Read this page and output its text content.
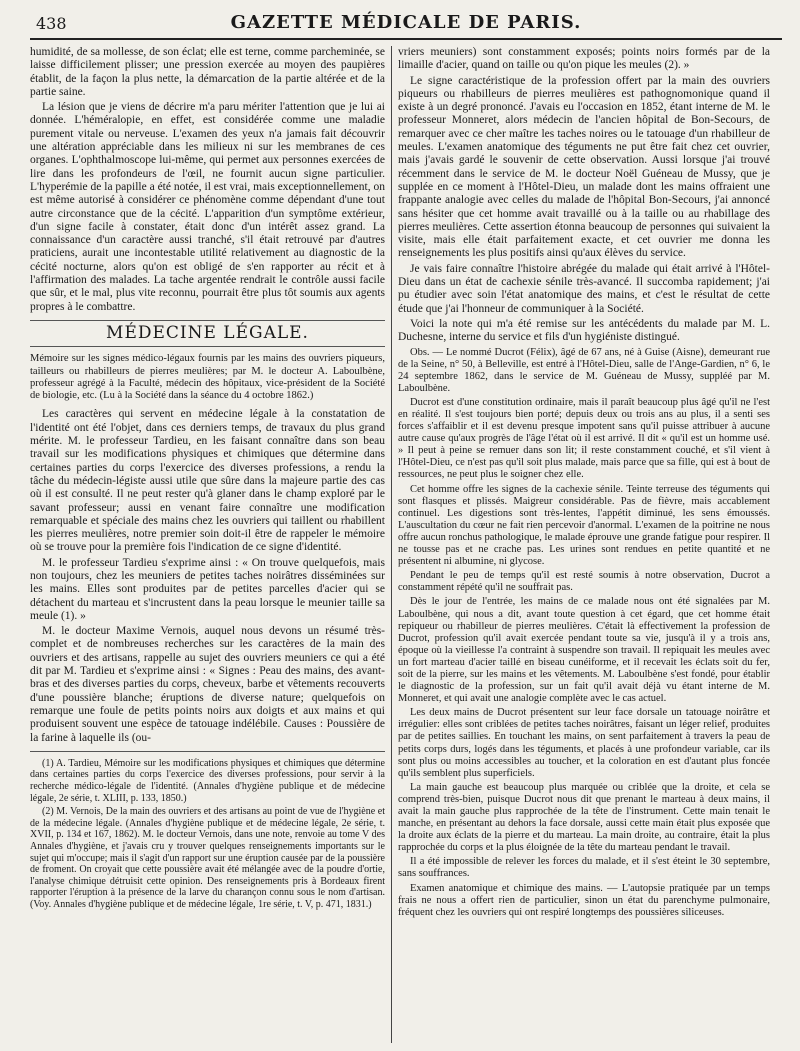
438	GAZETTE MÉDICALE DE PARIS.

humidité, de sa mollesse, de son éclat; elle est terne, comme parcheminée, se laisse difficilement plisser; une pression exercée au moyen des paupières établit, de la façon la plus nette, la démarcation de la partie altérée et de la partie saine.

La lésion que je viens de décrire m'a paru mériter l'attention que je lui ai donnée. L'héméralopie, en effet, est considérée comme une maladie purement vitale ou nerveuse. L'examen des yeux n'a jamais fait découvrir une altération appréciable dans les milieux ni sur les membranes de ces organes. L'ophthalmoscope lui-même, qui permet aux personnes exercées de lire dans les profondeurs de l'œil, ne fournit aucun signe particulier. L'hyperémie de la papille a été notée, il est vrai, mais exceptionnellement, on est même autorisé à considérer ce phénomène comme dépendant d'une tout autre circonstance que de la cécité. L'apparition d'un symptôme extérieur, d'un signe facile à constater, était donc d'un intérêt assez grand. La connaissance d'un caractère aussi tranché, s'il était retrouvé par d'autres praticiens, aurait une incontestable utilité relativement au diagnostic de la cécité nocturne, alors qu'on est obligé de s'en rapporter au récit et à l'affirmation des malades. La tache argentée rendrait le contrôle aussi facile que sûr, et le mal, plus vite reconnu, pourrait être plus tôt soumis aux agents propres à le combattre.

MÉDECINE LÉGALE.

Mémoire sur les signes médico-légaux fournis par les mains des ouvriers piqueurs, tailleurs ou rhabilleurs de pierres meulières; par M. le docteur A. Laboulbène, professeur agrégé à la Faculté, médecin des hôpitaux, vice-président de la Société de biologie, etc. (Lu à la Société dans la séance du 4 octobre 1862.)

Les caractères qui servent en médecine légale à la constatation de l'identité ont été l'objet, dans ces derniers temps, de travaux du plus grand mérite. M. le professeur Tardieu, en les faisant connaître dans son beau travail sur les modifications physiques et chimiques que détermine dans certaines parties du corps l'exercice des diverses professions, a rendu la tâche du médecin-légiste aussi utile que sûre dans la majeure partie des cas où il est consulté. Il ne peut rester qu'à glaner dans le champ exploré par le savant professeur; aussi en venant faire connaître une modification remarquable et spéciale des mains chez les ouvriers qui taillent ou rhabillent les pierres meulières, notre premier soin doit-il être de rappeler le mémoire où se trouve pour la première fois l'indication de ce signe d'identité.

M. le professeur Tardieu s'exprime ainsi : « On trouve quelquefois, mais non toujours, chez les meuniers de petites taches noirâtres disséminées sur les mains. Elles sont produites par de petites parcelles d'acier qui se détachent du marteau et s'incrustent dans la peau lorsque le meunier taille sa meule (1). »

M. le docteur Maxime Vernois, auquel nous devons un résumé très-complet et de nombreuses recherches sur les caractères de la main des ouvriers et des artisans, rappelle au sujet des ouvriers meuniers ce qui a été dit par M. Tardieu et s'exprime ainsi : « Signes : Peau des mains, des avant-bras et des diverses parties du corps, cheveux, barbe et vêtements recouverts d'une poussière blanche; éruptions de diverse nature; quelquefois on remarque une foule de petits points noirs aux doigts et aux mains et qui produisent souvent une espèce de tatouage indélébile. Causes : Poussière de la farine à laquelle ils (ou-

(1) A. Tardieu, Mémoire sur les modifications physiques et chimiques que détermine dans certaines parties du corps l'exercice des diverses professions, pour servir à la recherche médico-légale de l'identité. (Annales d'hygiène publique et de médecine légale, 2e série, t. XLIII, p. 133, 1850.)

(2) M. Vernois, De la main des ouvriers et des artisans au point de vue de l'hygiène et de la médecine légale. (Annales d'hygiène publique et de médecine légale, 2e série, t. XVII, p. 134 et 167, 1862). M. le docteur Vernois, dans une note, renvoie au tome V des Annales d'hygiène, et j'avais cru y trouver quelques renseignements importants sur le sujet qui m'occupe; mais il s'agit d'un rapport sur une éruption causée par de la poussière de froment. On croyait que cette poussière avait été mélangée avec de la poudre d'ortie, l'analyse chimique détruisit cette opinion. Des renseignements pris à Bordeaux firent rapporter l'éruption à la présence de la larve du charançon connu sous le nom d'artisan. (Voy. Annales d'hygiène publique et de médecine légale, 1re série, t. V, p. 471, 1831.)

vriers meuniers) sont constamment exposés; points noirs formés par de la limaille d'acier, quand on taille ou qu'on pique les meules (2). »

Le signe caractéristique de la profession offert par la main des ouvriers piqueurs ou rhabilleurs de pierres meulières est pathognomonique quand il existe à un degré prononcé. J'avais eu l'occasion en 1852, étant interne de M. le professeur Monneret, alors médecin de l'ancien hôpital de Bon-Secours, de remarquer avec ce cher maître les taches noires ou le tatouage d'un rhabilleur de meules. L'examen anatomique des téguments ne put être fait chez cet ouvrier, mais j'avais gardé le souvenir de cette observation. Aussi lorsque j'ai trouvé récemment dans le service de M. le docteur Noël Guéneau de Mussy, que je supplée en ce moment à l'Hôtel-Dieu, un malade dont les mains offraient une frappante analogie avec celles du malade de l'hôpital Bon-Secours, j'ai annoncé sans hésiter que cet homme avait travaillé ou à la taille ou au rhabillage des pierres meulières. Cette assertion étonna beaucoup de personnes qui suivaient la visite, mais elle était parfaitement exacte, et cet ouvrier me donna les renseignements les plus positifs ainsi qu'aux élèves du service.

Je vais faire connaître l'histoire abrégée du malade qui était arrivé à l'Hôtel-Dieu dans un état de cachexie sénile très-avancé. Il succomba rapidement; j'ai pu étudier avec soin l'état anatomique des mains, et c'est le résultat de cette étude que j'ai l'honneur de communiquer à la Société.

Voici la note qui m'a été remise sur les antécédents du malade par M. L. Duchesne, interne du service et fils d'un hygiéniste distingué.

Obs. — Le nommé Ducrot (Félix), âgé de 67 ans, né à Guise (Aisne), demeurant rue de la Seine, n° 50, à Belleville, est entré à l'Hôtel-Dieu, salle de l'Ange-Gardien, n° 6, le 24 septembre 1862, dans le service de M. Guéneau de Mussy, suppléé par M. Laboulbène.

Ducrot est d'une constitution ordinaire, mais il paraît beaucoup plus âgé qu'il ne l'est en réalité. Il s'est toujours bien porté; depuis deux ou trois ans au plus, il a senti ses forces s'affaiblir et il est devenu presque impotent sans qu'il puisse attribuer à aucune autre cause qu'aux progrès de l'âge l'état où il est arrivé. Il dit « qu'il est un homme usé. » Il peut à peine se remuer dans son lit; il reste constamment couché, et s'il vient à l'Hôtel-Dieu, ce n'est pas qu'il soit plus malade, mais parce que sa fille, qui est à bout de ressources, ne peut plus le soigner chez elle.

Cet homme offre les signes de la cachexie sénile. Teinte terreuse des téguments qui sont flasques et plissés. Maigreur considérable. Pas de fièvre, mais accablement continuel. Les digestions sont très-lentes, l'appétit diminué, les sens émoussés. L'auscultation du cœur ne fait rien percevoir d'anormal. L'examen de la poitrine ne nous offre aucun ronchus pathologique, le malade éprouve une grande fatigue pour respirer. Il ne tousse pas et ne crache pas. Les urines sont rendues en petite quantité et ne présentent ni albumine, ni glycose.

Pendant le peu de temps qu'il est resté soumis à notre observation, Ducrot a constamment répété qu'il ne souffrait pas.

Dès le jour de l'entrée, les mains de ce malade nous ont été signalées par M. Laboulbène, qui nous a dit, avant toute question à cet égard, que cet homme était repiqueur ou rhabilleur de pierres meulières. C'était là effectivement la profession de Ducrot, profession qu'il avait exercée pendant toute sa vie, jusqu'à il y a trois ans, époque où la vieillesse l'a contraint à suspendre son travail. Il repiquait les meules avec un fort marteau d'acier taillé en biseau cunéiforme, et il recevait les éclats soit du fer, soit de la pierre, sur les mains et les vêtements. M. Laboulbène s'est fondé, pour établir le diagnostic de la profession, sur un fait qu'il avait déjà vu étant interne de M. Monneret, et qui avait une analogie complète avec le cas actuel.

Les deux mains de Ducrot présentent sur leur face dorsale un tatouage noirâtre et irrégulier: elles sont criblées de petites taches noirâtres, faisant un léger relief, produites par de petites saillies. En touchant les mains, on sent parfaitement à travers la peau de petits corps durs, logés dans les téguments, et placés à une profondeur variable, car ils sont plus ou moins accessibles au toucher, et la coloration en est d'autant plus foncée qu'ils semblent plus superficiels.

La main gauche est beaucoup plus marquée ou criblée que la droite, et cela se comprend très-bien, puisque Ducrot nous dit que prenant le marteau à deux mains, il avait la main gauche plus rapprochée de la tête de l'instrument. Cette main tenait le manche, en présentant au dehors la face dorsale, aussi cette main était plus exposée que la droite aux éclats de la pierre et du marteau. La main droite, au contraire, était la plus rapprochée du corps et la plus éloignée de la tête du marteau pendant le travail.

Il a été impossible de relever les forces du malade, et il s'est éteint le 30 septembre, sans souffrances.

Examen anatomique et chimique des mains. — L'autopsie pratiquée par un temps frais ne nous a offert rien de particulier, sinon un état du parenchyme pulmonaire, fréquent chez les ouvriers qui ont respiré longtemps des poussières siliceuses.
